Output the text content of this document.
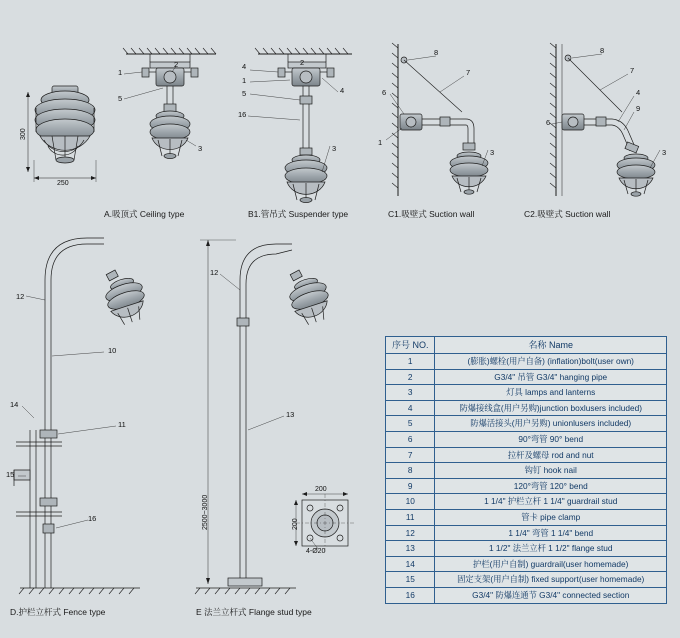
A.吸顶式 Ceiling type	B1.管吊式 Suspender type	C1.吸壁式 Suction wall	C2.吸壁式 Suction wall
D.护栏立杆式 Fence type	E 法兰立杆式 Flange stud type
300
250
2500~3000
200
200
4-Ø20
1
5
2
3
4
1
5
16
2
4
3
8
7
6
1
3
8
7
4
9
6
3
12
10
14
11
15
16
12
13
序号 NO.	名称 Name
1	(膨胀)螺栓(用户自备) (inflation)bolt(user own)
2	G3/4" 吊管 G3/4" hanging pipe
3	灯具 lamps and lanterns
4	防爆接线盒(用户另购)junction boxlusers included)
5	防爆活接头(用户另购) unionlusers included)
6	90°弯管 90° bend
7	拉杆及螺母 rod and nut
8	钩钉 hook nail
9	120°弯管 120° bend
10	1 1/4" 护栏立杆 1 1/4" guardrail stud
11	管卡 pipe clamp
12	1 1/4" 弯管 1 1/4" bend
13	1 1/2" 法兰立杆 1 1/2" flange stud
14	护栏(用户自制) guardrail(user homemade)
15	固定支架(用户自制) fixed support(user homemade)
16	G3/4" 防爆连通节 G3/4" connected section
